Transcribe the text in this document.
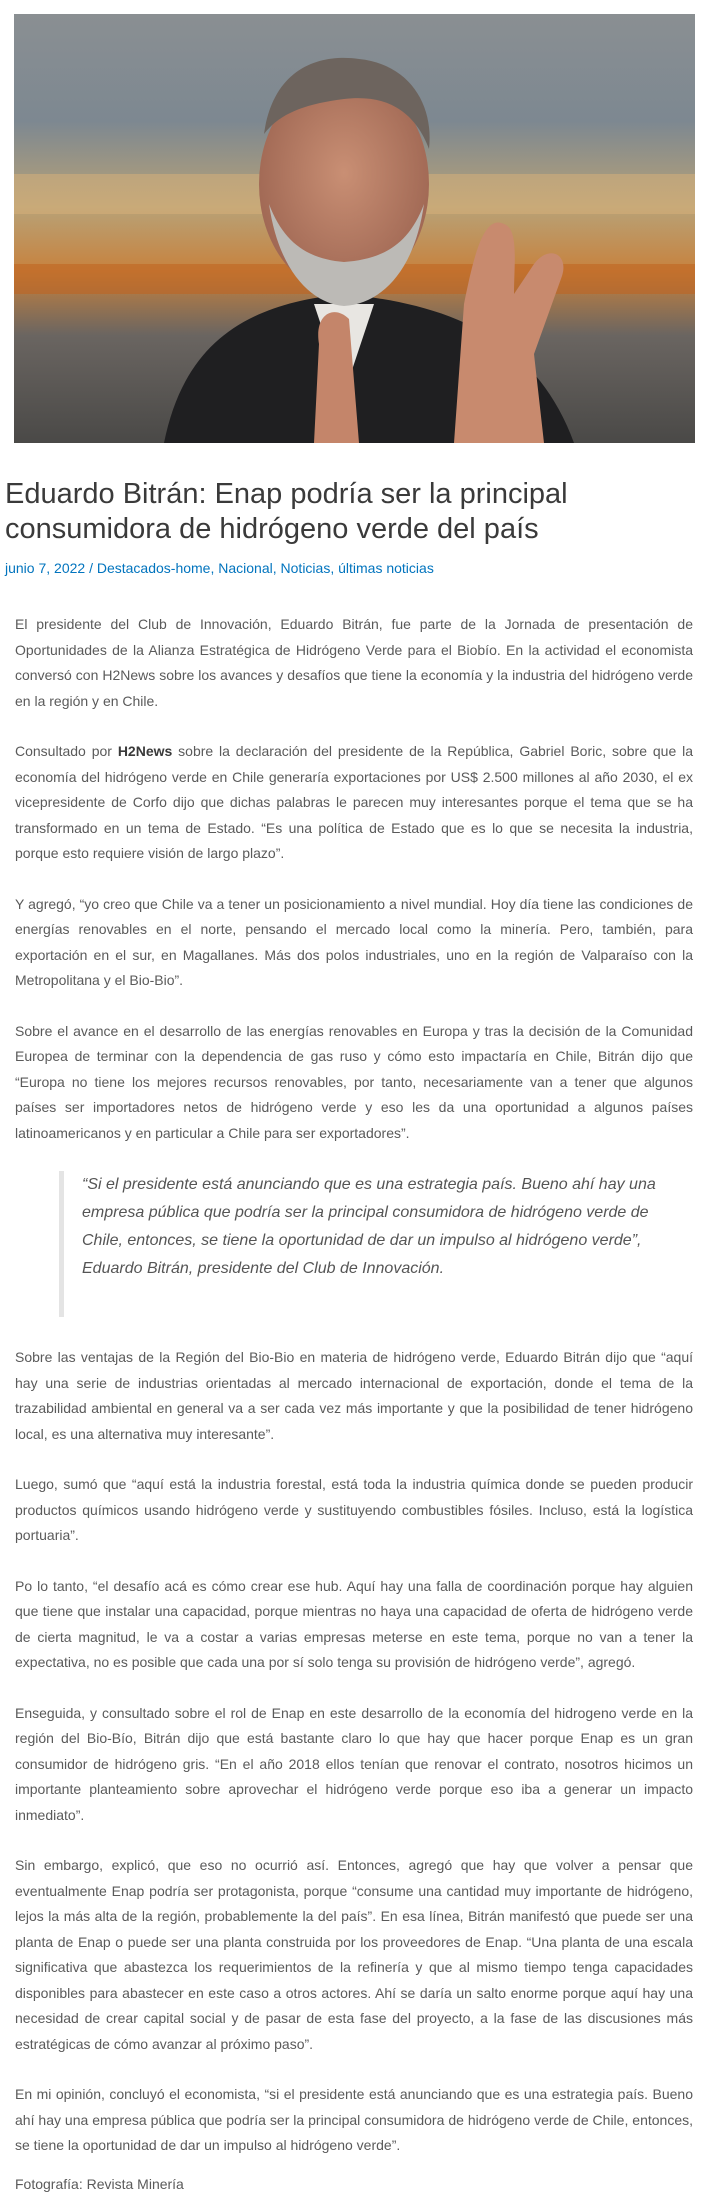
Eduardo Bitrán: Enap podría ser la principal consumidora de hidrógeno verde del país
junio 7, 2022 / Destacados-home, Nacional, Noticias, últimas noticias

El presidente del Club de Innovación, Eduardo Bitrán, fue parte de la Jornada de presentación de Oportunidades de la Alianza Estratégica de Hidrógeno Verde para el Biobío. En la actividad el economista conversó con H2News sobre los avances y desafíos que tiene la economía y la industria del hidrógeno verde en la región y en Chile.

Consultado por H2News sobre la declaración del presidente de la República, Gabriel Boric, sobre que la economía del hidrógeno verde en Chile generaría exportaciones por US$ 2.500 millones al año 2030, el ex vicepresidente de Corfo dijo que dichas palabras le parecen muy interesantes porque el tema que se ha transformado en un tema de Estado. “Es una política de Estado que es lo que se necesita la industria, porque esto requiere visión de largo plazo”.

Y agregó, “yo creo que Chile va a tener un posicionamiento a nivel mundial. Hoy día tiene las condiciones de energías renovables en el norte, pensando el mercado local como la minería. Pero, también, para exportación en el sur, en Magallanes. Más dos polos industriales, uno en la región de Valparaíso con la Metropolitana y el Bio-Bio”.

Sobre el avance en el desarrollo de las energías renovables en Europa y tras la decisión de la Comunidad Europea de terminar con la dependencia de gas ruso y cómo esto impactaría en Chile, Bitrán dijo que “Europa no tiene los mejores recursos renovables, por tanto, necesariamente van a tener que algunos países ser importadores netos de hidrógeno verde y eso les da una oportunidad a algunos países latinoamericanos y en particular a Chile para ser exportadores”.

“Si el presidente está anunciando que es una estrategia país. Bueno ahí hay una empresa pública que podría ser la principal consumidora de hidrógeno verde de Chile, entonces, se tiene la oportunidad de dar un impulso al hidrógeno verde”, Eduardo Bitrán, presidente del Club de Innovación.

Sobre las ventajas de la Región del Bio-Bio en materia de hidrógeno verde, Eduardo Bitrán dijo que “aquí hay una serie de industrias orientadas al mercado internacional de exportación, donde el tema de la trazabilidad ambiental en general va a ser cada vez más importante y que la posibilidad de tener hidrógeno local, es una alternativa muy interesante”.

Luego, sumó que “aquí está la industria forestal, está toda la industria química donde se pueden producir productos químicos usando hidrógeno verde y sustituyendo combustibles fósiles. Incluso, está la logística portuaria”.

Po lo tanto, “el desafío acá es cómo crear ese hub. Aquí hay una falla de coordinación porque hay alguien que tiene que instalar una capacidad, porque mientras no haya una capacidad de oferta de hidrógeno verde de cierta magnitud, le va a costar a varias empresas meterse en este tema, porque no van a tener la expectativa, no es posible que cada una por sí solo tenga su provisión de hidrógeno verde”, agregó.

Enseguida, y consultado sobre el rol de Enap en este desarrollo de la economía del hidrogeno verde en la región del Bio-Bío, Bitrán dijo que está bastante claro lo que hay que hacer porque Enap es un gran consumidor de hidrógeno gris. “En el año 2018 ellos tenían que renovar el contrato, nosotros hicimos un importante planteamiento sobre aprovechar el hidrógeno verde porque eso iba a generar un impacto inmediato”.

Sin embargo, explicó, que eso no ocurrió así. Entonces, agregó que hay que volver a pensar que eventualmente Enap podría ser protagonista, porque “consume una cantidad muy importante de hidrógeno, lejos la más alta de la región, probablemente la del país”. En esa línea, Bitrán manifestó que puede ser una planta de Enap o puede ser una planta construida por los proveedores de Enap. “Una planta de una escala significativa que abastezca los requerimientos de la refinería y que al mismo tiempo tenga capacidades disponibles para abastecer en este caso a otros actores. Ahí se daría un salto enorme porque aquí hay una necesidad de crear capital social y de pasar de esta fase del proyecto, a la fase de las discusiones más estratégicas de cómo avanzar al próximo paso”.

En mi opinión, concluyó el economista, “si el presidente está anunciando que es una estrategia país. Bueno ahí hay una empresa pública que podría ser la principal consumidora de hidrógeno verde de Chile, entonces, se tiene la oportunidad de dar un impulso al hidrógeno verde”.

Fotografía: Revista Minería
